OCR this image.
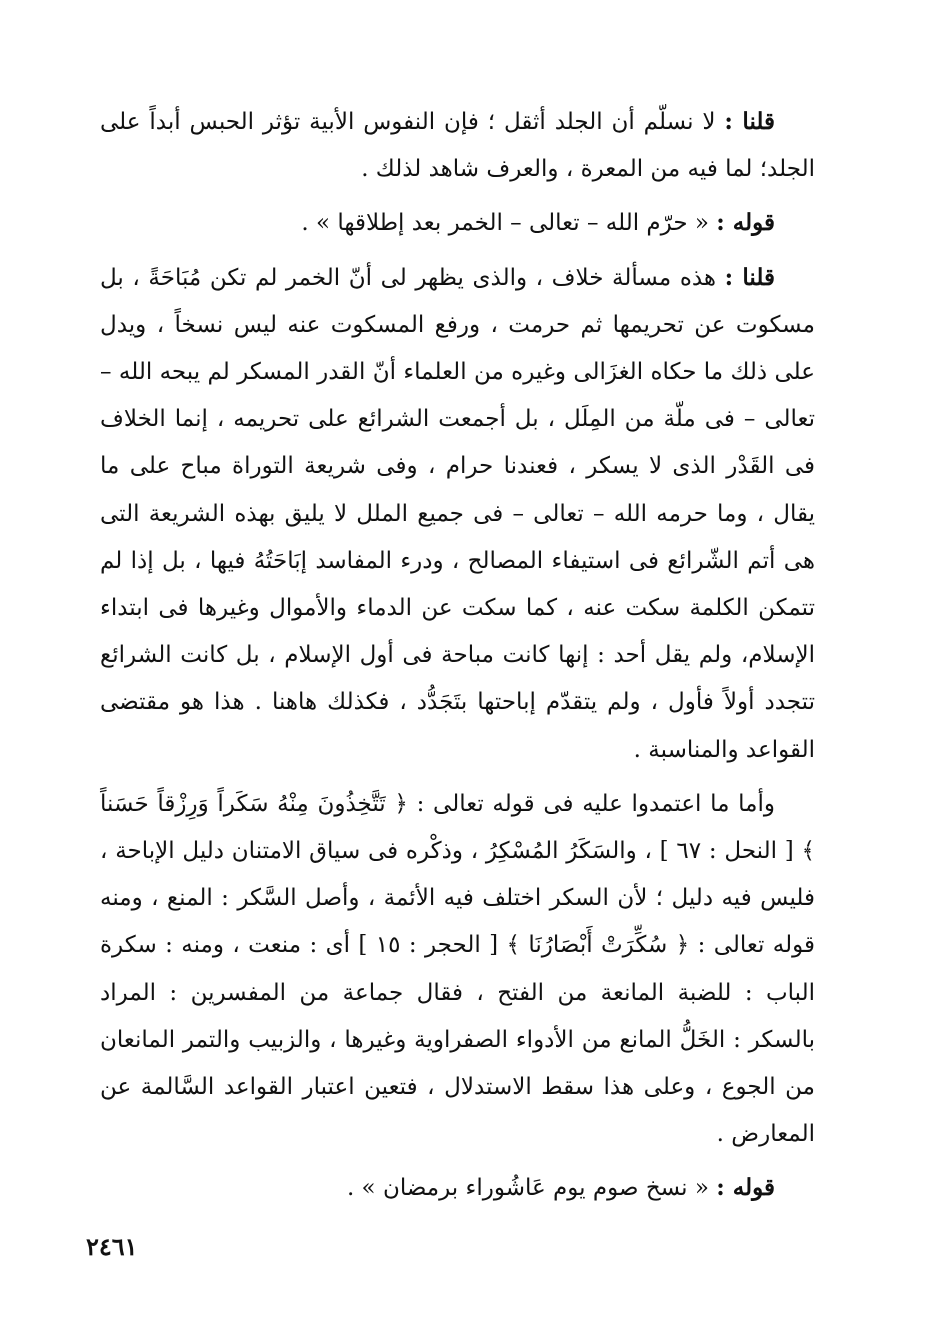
قلنا : لا نسلّم أن الجلد أثقل ؛ فإن النفوس الأبية تؤثر الحبس أبداً على الجلد؛ لما فيه من المعرة ، والعرف شاهد لذلك .

قوله : « حرّم الله – تعالى – الخمر بعد إطلاقها » .

قلنا : هذه مسألة خلاف ، والذى يظهر لى أنّ الخمر لم تكن مُبَاحَةً ، بل مسكوت عن تحريمها ثم حرمت ، ورفع المسكوت عنه ليس نسخاً ، ويدل على ذلك ما حكاه الغزَالى وغيره من العلماء أنّ القدر المسكر لم يبحه الله – تعالى – فى ملّة من المِلَل ، بل أجمعت الشرائع على تحريمه ، إنما الخلاف فى القَدْر الذى لا يسكر ، فعندنا حرام ، وفى شريعة التوراة مباح على ما يقال ، وما حرمه الله – تعالى – فى جميع الملل لا يليق بهذه الشريعة التى هى أتم الشّرائع فى استيفاء المصالح ، ودرء المفاسد إبَاحَتُهُ فيها ، بل إذا لم تتمكن الكلمة سكت عنه ، كما سكت عن الدماء والأموال وغيرها فى ابتداء الإسلام، ولم يقل أحد : إنها كانت مباحة فى أول الإسلام ، بل كانت الشرائع تتجدد أولاً فأول ، ولم يتقدّم إباحتها بتَجَدُّد ، فكذلك هاهنا . هذا هو مقتضى القواعد والمناسبة .

وأما ما اعتمدوا عليه فى قوله تعالى : ﴿ تَتَّخِذُونَ مِنْهُ سَكَراً وَرِزْقاً حَسَناً ﴾ [ النحل : ٦٧ ] ، والسَكَرُ المُسْكِرُ ، وذكْره فى سياق الامتنان دليل الإباحة ، فليس فيه دليل ؛ لأن السكر اختلف فيه الأئمة ، وأصل السَّكر : المنع ، ومنه قوله تعالى : ﴿ سُكِّرَتْ أَبْصَارُنَا ﴾ [ الحجر : ١٥ ] أى : منعت ، ومنه : سكرة الباب : للضبة المانعة من الفتح ، فقال جماعة من المفسرين : المراد بالسكر : الخَلُّ المانع من الأدواء الصفراوية وغيرها ، والزبيب والتمر المانعان من الجوع ، وعلى هذا سقط الاستدلال ، فتعين اعتبار القواعد السَّالمة عن المعارض .

قوله : « نسخ صوم يوم عَاشُوراء برمضان » .

٢٤٦١
